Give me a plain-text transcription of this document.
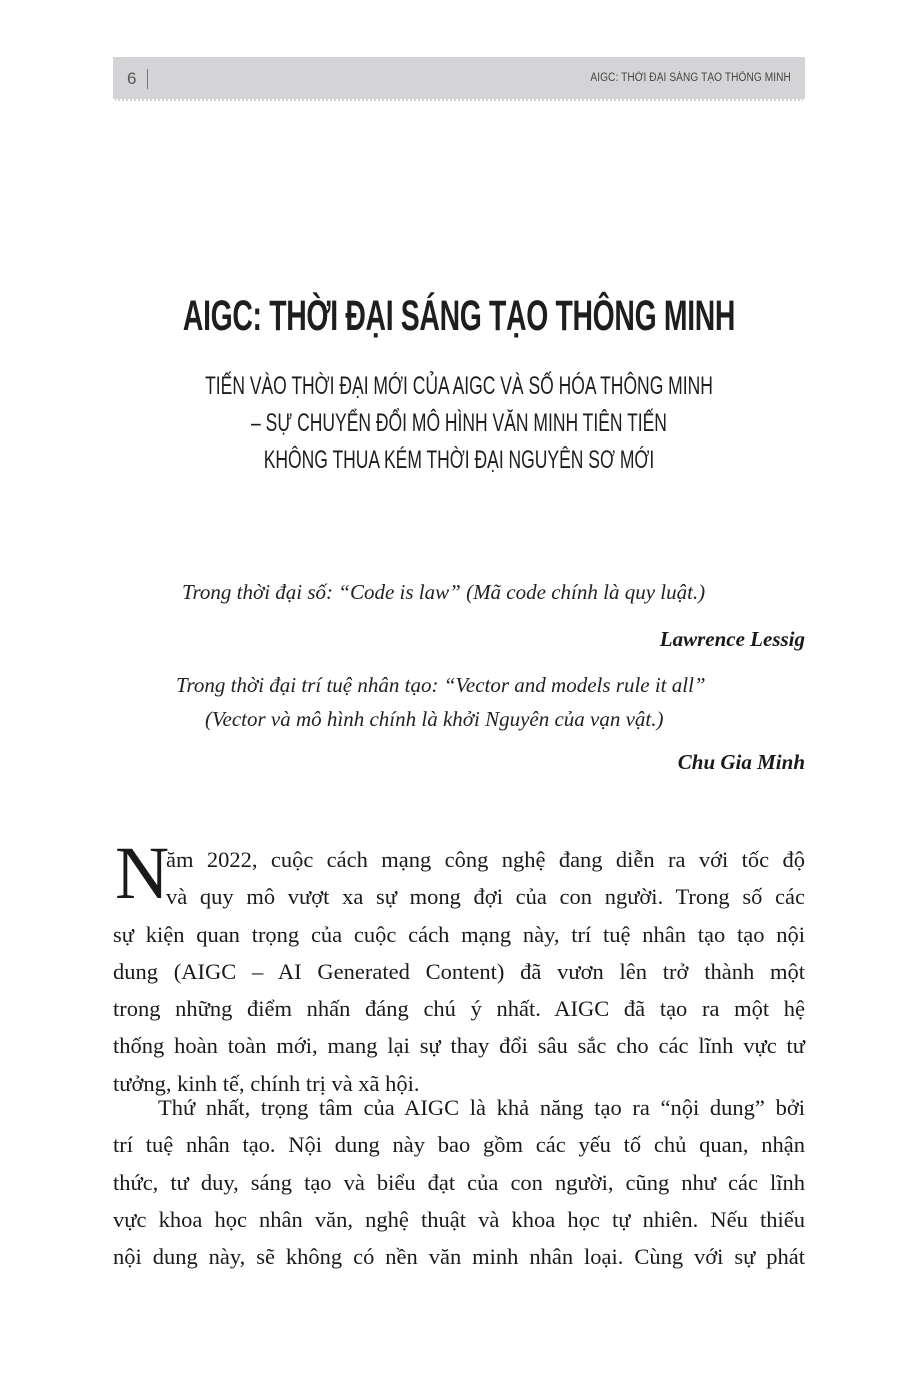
6	AIGC: THỜI ĐẠI SÁNG TẠO THÔNG MINH
AIGC: THỜI ĐẠI SÁNG TẠO THÔNG MINH
TIẾN VÀO THỜI ĐẠI MỚI CỦA AIGC VÀ SỐ HÓA THÔNG MINH
– SỰ CHUYỂN ĐỔI MÔ HÌNH VĂN MINH TIÊN TIẾN
KHÔNG THUA KÉM THỜI ĐẠI NGUYÊN SƠ MỚI
Trong thời đại số: “Code is law” (Mã code chính là quy luật.)
Lawrence Lessig
Trong thời đại trí tuệ nhân tạo: “Vector and models rule it all”
(Vector và mô hình chính là khởi Nguyên của vạn vật.)
Chu Gia Minh
N
ăm 2022, cuộc cách mạng công nghệ đang diễn ra với tốc độ
và quy mô vượt xa sự mong đợi của con người. Trong số các
sự kiện quan trọng của cuộc cách mạng này, trí tuệ nhân tạo tạo nội
dung (AIGC – AI Generated Content) đã vươn lên trở thành một
trong những điểm nhấn đáng chú ý nhất. AIGC đã tạo ra một hệ
thống hoàn toàn mới, mang lại sự thay đổi sâu sắc cho các lĩnh vực tư
tưởng, kinh tế, chính trị và xã hội.
Thứ nhất, trọng tâm của AIGC là khả năng tạo ra “nội dung” bởi
trí tuệ nhân tạo. Nội dung này bao gồm các yếu tố chủ quan, nhận
thức, tư duy, sáng tạo và biểu đạt của con người, cũng như các lĩnh
vực khoa học nhân văn, nghệ thuật và khoa học tự nhiên. Nếu thiếu
nội dung này, sẽ không có nền văn minh nhân loại. Cùng với sự phát
